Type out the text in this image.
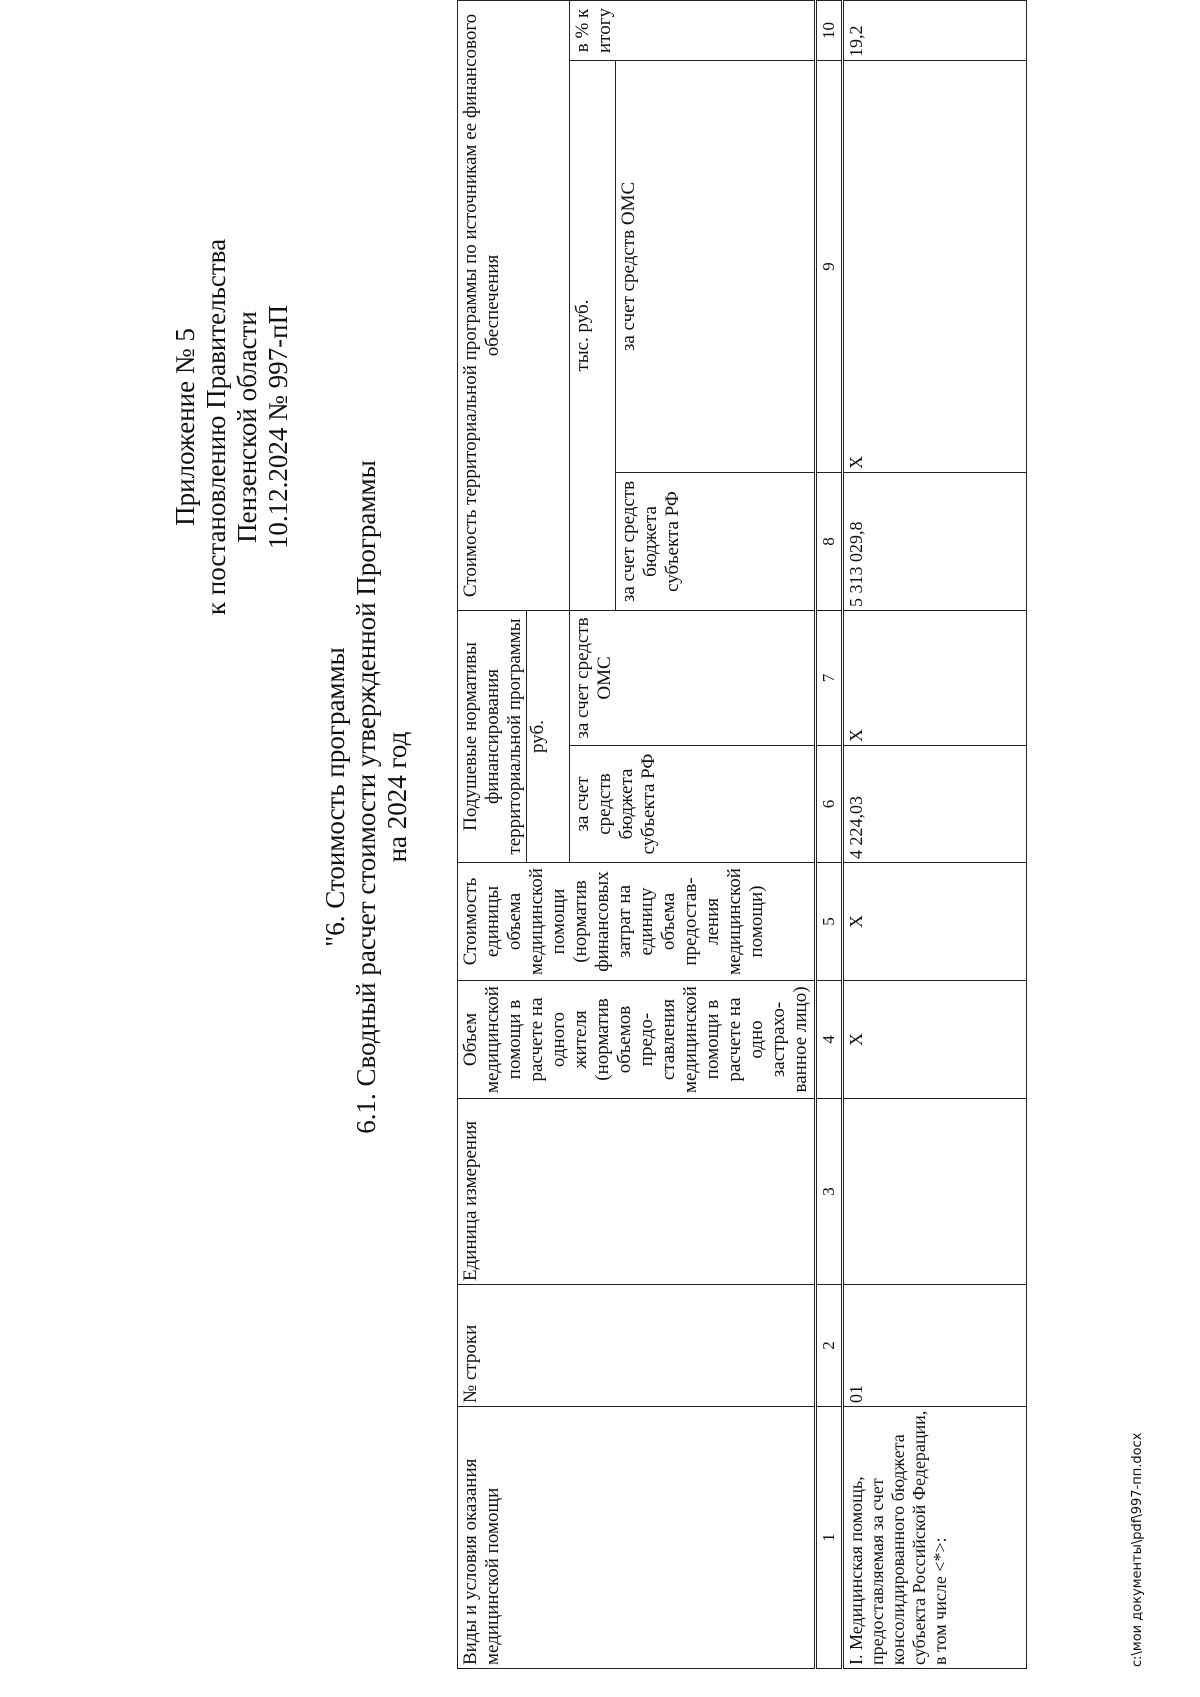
Приложение № 5 к постановлению Правительства Пензенской области 10.12.2024 № 997-пП
"6. Стоимость программы 6.1. Сводный расчет стоимости утвержденной Программы на 2024 год
Виды и условия оказания медицинской помощи	№ строки	Единица измерения	Объем медицинской помощи в расчете на одного жителя (норматив объемов предо-ставления медицинской помощи в расчете на одно застрахо-ванное лицо)	Стоимость единицы объема медицинской помощи (норматив финансовых затрат на единицу объема предостав-ления медицинской помощи)	Подушевые нормативы финансирования территориальной программы руб.		Стоимость территориальной программы по источникам ее финансового обеспечения		

					за счет средств бюджета субъекта РФ	за счет средств ОМС	тыс. руб.		в % к итогу
							за счет средств бюджета субъекта РФ	за счет средств ОМС	
1	2	3	4	5	6	7	8	9	10
I. Медицинская помощь, предоставляемая за счет консолидированного бюджета субъекта Российской Федерации, в том числе <*>:	01		X	X	4 224,03	X	5 313 029,8	X	19,2
с:\мои документы\pdf\997-пп.docx
